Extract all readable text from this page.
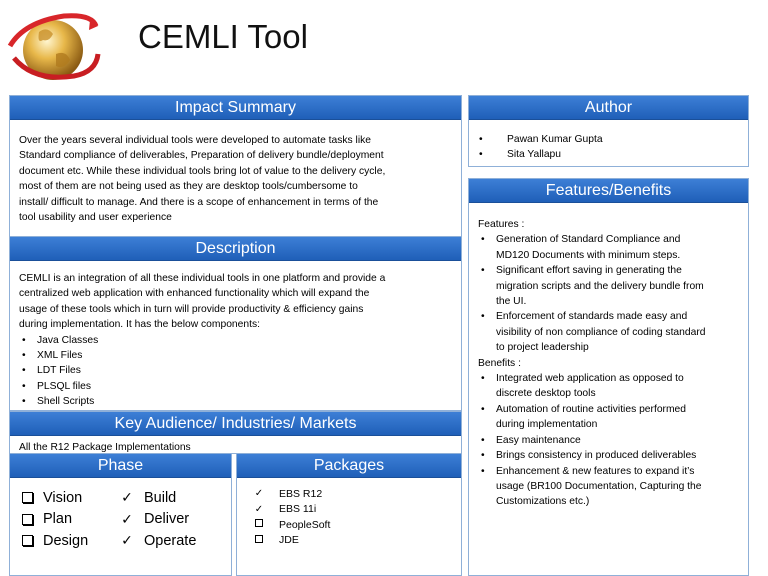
CEMLI Tool
Impact Summary
Over the years several individual tools were developed to automate tasks like
Standard compliance of deliverables, Preparation of delivery bundle/deployment
document etc. While these individual tools bring lot of value to the delivery cycle,
most of them are not being used as they are desktop tools/cumbersome to
install/ difficult to manage. And there is a scope of enhancement in terms of the
tool usability and user experience
Description
CEMLI is an integration of all these individual tools in one platform and provide a
centralized web application with enhanced functionality which will expand the
usage of these tools which in turn will provide productivity & efficiency gains
during implementation. It has the below components:
• Java Classes
• XML Files
• LDT Files
• PLSQL files
• Shell Scripts
Key Audience/ Industries/ Markets
All the R12 Package Implementations
Phase
Vision
Plan
Design
✓ Build
✓ Deliver
✓ Operate
Packages
✓	EBS R12
✓	EBS 11i
PeopleSoft
JDE
Author
• Pawan Kumar Gupta
• Sita Yallapu
Features/Benefits
Features :
• Generation of Standard Compliance and
MD120 Documents with minimum steps.
• Significant effort saving in generating the
migration scripts and the delivery bundle from
the UI.
• Enforcement of standards made easy and
visibility of non compliance of coding standard
to project leadership
Benefits :
• Integrated web application as opposed to
discrete desktop tools
• Automation of routine activities performed
during implementation
• Easy maintenance
• Brings consistency in produced deliverables
• Enhancement & new features to expand it’s
usage (BR100 Documentation, Capturing the
Customizations etc.)
